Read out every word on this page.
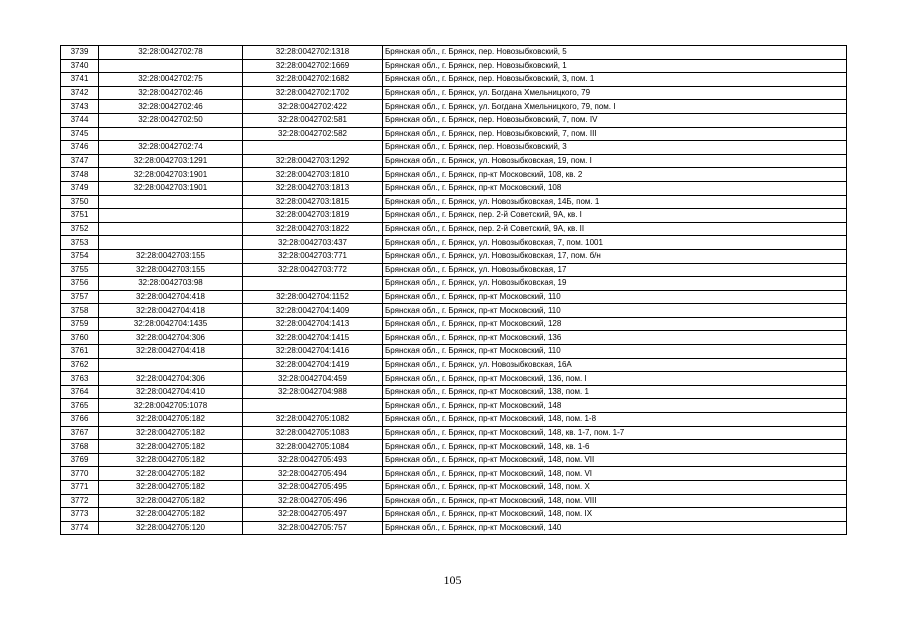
3739	32:28:0042702:78	32:28:0042702:1318	Брянская обл., г. Брянск, пер. Новозыбковский, 5
3740		32:28:0042702:1669	Брянская обл., г. Брянск, пер. Новозыбковский, 1
3741	32:28:0042702:75	32:28:0042702:1682	Брянская обл., г. Брянск, пер. Новозыбковский, 3, пом. 1
3742	32:28:0042702:46	32:28:0042702:1702	Брянская обл., г. Брянск, ул. Богдана Хмельницкого, 79
3743	32:28:0042702:46	32:28:0042702:422	Брянская обл., г. Брянск, ул. Богдана Хмельницкого, 79, пом. I
3744	32:28:0042702:50	32:28:0042702:581	Брянская обл., г. Брянск, пер. Новозыбковский, 7, пом. IV
3745		32:28:0042702:582	Брянская обл., г. Брянск, пер. Новозыбковский, 7, пом. III
3746	32:28:0042702:74		Брянская обл., г. Брянск, пер. Новозыбковский, 3
3747	32:28:0042703:1291	32:28:0042703:1292	Брянская обл., г. Брянск, ул. Новозыбковская, 19, пом. I
3748	32:28:0042703:1901	32:28:0042703:1810	Брянская обл., г. Брянск, пр-кт Московский, 108, кв. 2
3749	32:28:0042703:1901	32:28:0042703:1813	Брянская обл., г. Брянск, пр-кт Московский, 108
3750		32:28:0042703:1815	Брянская обл., г. Брянск, ул. Новозыбковская, 14Б, пом. 1
3751		32:28:0042703:1819	Брянская обл., г. Брянск, пер. 2-й Советский, 9А, кв. I
3752		32:28:0042703:1822	Брянская обл., г. Брянск, пер. 2-й Советский, 9А, кв. II
3753		32:28:0042703:437	Брянская обл., г. Брянск, ул. Новозыбковская, 7, пом. 1001
3754	32:28:0042703:155	32:28:0042703:771	Брянская обл., г. Брянск, ул. Новозыбковская, 17, пом. б/н
3755	32:28:0042703:155	32:28:0042703:772	Брянская обл., г. Брянск, ул. Новозыбковская, 17
3756	32:28:0042703:98		Брянская обл., г. Брянск, ул. Новозыбковская, 19
3757	32:28:0042704:418	32:28:0042704:1152	Брянская обл., г. Брянск, пр-кт Московский, 110
3758	32:28:0042704:418	32:28:0042704:1409	Брянская обл., г. Брянск, пр-кт Московский, 110
3759	32:28:0042704:1435	32:28:0042704:1413	Брянская обл., г. Брянск, пр-кт Московский, 128
3760	32:28:0042704:306	32:28:0042704:1415	Брянская обл., г. Брянск, пр-кт Московский, 136
3761	32:28:0042704:418	32:28:0042704:1416	Брянская обл., г. Брянск, пр-кт Московский, 110
3762		32:28:0042704:1419	Брянская обл., г. Брянск, ул. Новозыбковская, 16А
3763	32:28:0042704:306	32:28:0042704:459	Брянская обл., г. Брянск, пр-кт Московский, 136, пом. I
3764	32:28:0042704:410	32:28:0042704:988	Брянская обл., г. Брянск, пр-кт Московский, 138, пом. 1
3765	32:28:0042705:1078		Брянская обл., г. Брянск, пр-кт Московский, 148
3766	32:28:0042705:182	32:28:0042705:1082	Брянская обл., г. Брянск, пр-кт Московский, 148, пом. 1-8
3767	32:28:0042705:182	32:28:0042705:1083	Брянская обл., г. Брянск, пр-кт Московский, 148, кв. 1-7, пом. 1-7
3768	32:28:0042705:182	32:28:0042705:1084	Брянская обл., г. Брянск, пр-кт Московский, 148, кв. 1-6
3769	32:28:0042705:182	32:28:0042705:493	Брянская обл., г. Брянск, пр-кт Московский, 148, пом. VII
3770	32:28:0042705:182	32:28:0042705:494	Брянская обл., г. Брянск, пр-кт Московский, 148, пом. VI
3771	32:28:0042705:182	32:28:0042705:495	Брянская обл., г. Брянск, пр-кт Московский, 148, пом. X
3772	32:28:0042705:182	32:28:0042705:496	Брянская обл., г. Брянск, пр-кт Московский, 148, пом. VIII
3773	32:28:0042705:182	32:28:0042705:497	Брянская обл., г. Брянск, пр-кт Московский, 148, пом. IX
3774	32:28:0042705:120	32:28:0042705:757	Брянская обл., г. Брянск, пр-кт Московский, 140
105
